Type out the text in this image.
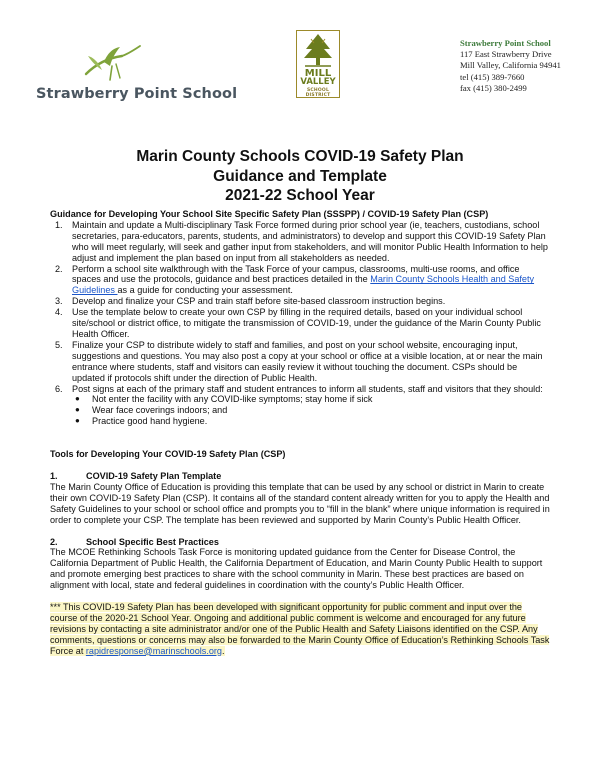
Strawberry Point School
MILL
VALLEY
SCHOOL DISTRICT
Strawberry Point School
117 East Strawberry Drive
Mill Valley, California 94941
tel (415) 389-7660
fax (415) 380-2499
Marin County Schools COVID-19 Safety Plan
Guidance and Template
2021-22 School Year
Guidance for Developing Your School Site Specific Safety Plan (SSSPP) / COVID-19 Safety Plan (CSP)
1. Maintain and update a Multi-disciplinary Task Force formed during prior school year (ie, teachers, custodians, school secretaries, para-educators, parents, students, and administrators) to develop and support this COVID-19 Safety Plan who will meet regularly, will seek and gather input from stakeholders, and will monitor Public Health Information to help adjust and implement the plan based on input from all stakeholders as needed.
2. Perform a school site walkthrough with the Task Force of your campus, classrooms, multi-use rooms, and office spaces and use the protocols, guidance and best practices detailed in the Marin County Schools Health and Safety Guidelines as a guide for conducting your assessment.
3. Develop and finalize your CSP and train staff before site-based classroom instruction begins.
4. Use the template below to create your own CSP by filling in the required details, based on your individual school site/school or district office, to mitigate the transmission of COVID-19, under the guidance of the Marin County Public Health Officer.
5. Finalize your CSP to distribute widely to staff and families, and post on your school website, encouraging input, suggestions and questions. You may also post a copy at your school or office at a visible location, at or near the main entrance where students, staff and visitors can easily review it without touching the document. CSPs should be updated if protocols shift under the direction of Public Health.
6. Post signs at each of the primary staff and student entrances to inform all students, staff and visitors that they should:
● Not enter the facility with any COVID-like symptoms; stay home if sick
● Wear face coverings indoors; and
● Practice good hand hygiene.
Tools for Developing Your COVID-19 Safety Plan (CSP)
1.	COVID-19 Safety Plan Template
The Marin County Office of Education is providing this template that can be used by any school or district in Marin to create their own COVID-19 Safety Plan (CSP). It contains all of the standard content already written for you to apply the Health and Safety Guidelines to your school or school office and prompts you to “fill in the blank” where unique information is required in order to complete your CSP. The template has been reviewed and supported by Marin County’s Public Health Officer.
2.	School Specific Best Practices
The MCOE Rethinking Schools Task Force is monitoring updated guidance from the Center for Disease Control, the California Department of Public Health, the California Department of Education, and Marin County Public Health to support and promote emerging best practices to share with the school community in Marin. These best practices are based on alignment with local, state and federal guidelines in coordination with the county’s Public Health Officer.
*** This COVID-19 Safety Plan has been developed with significant opportunity for public comment and input over the course of the 2020-21 School Year. Ongoing and additional public comment is welcome and encouraged for any future revisions by contacting a site administrator and/or one of the Public Health and Safety Liaisons identified on the CSP. Any comments, questions or concerns may also be forwarded to the Marin County Office of Education’s Rethinking Schools Task Force at rapidresponse@marinschools.org.
